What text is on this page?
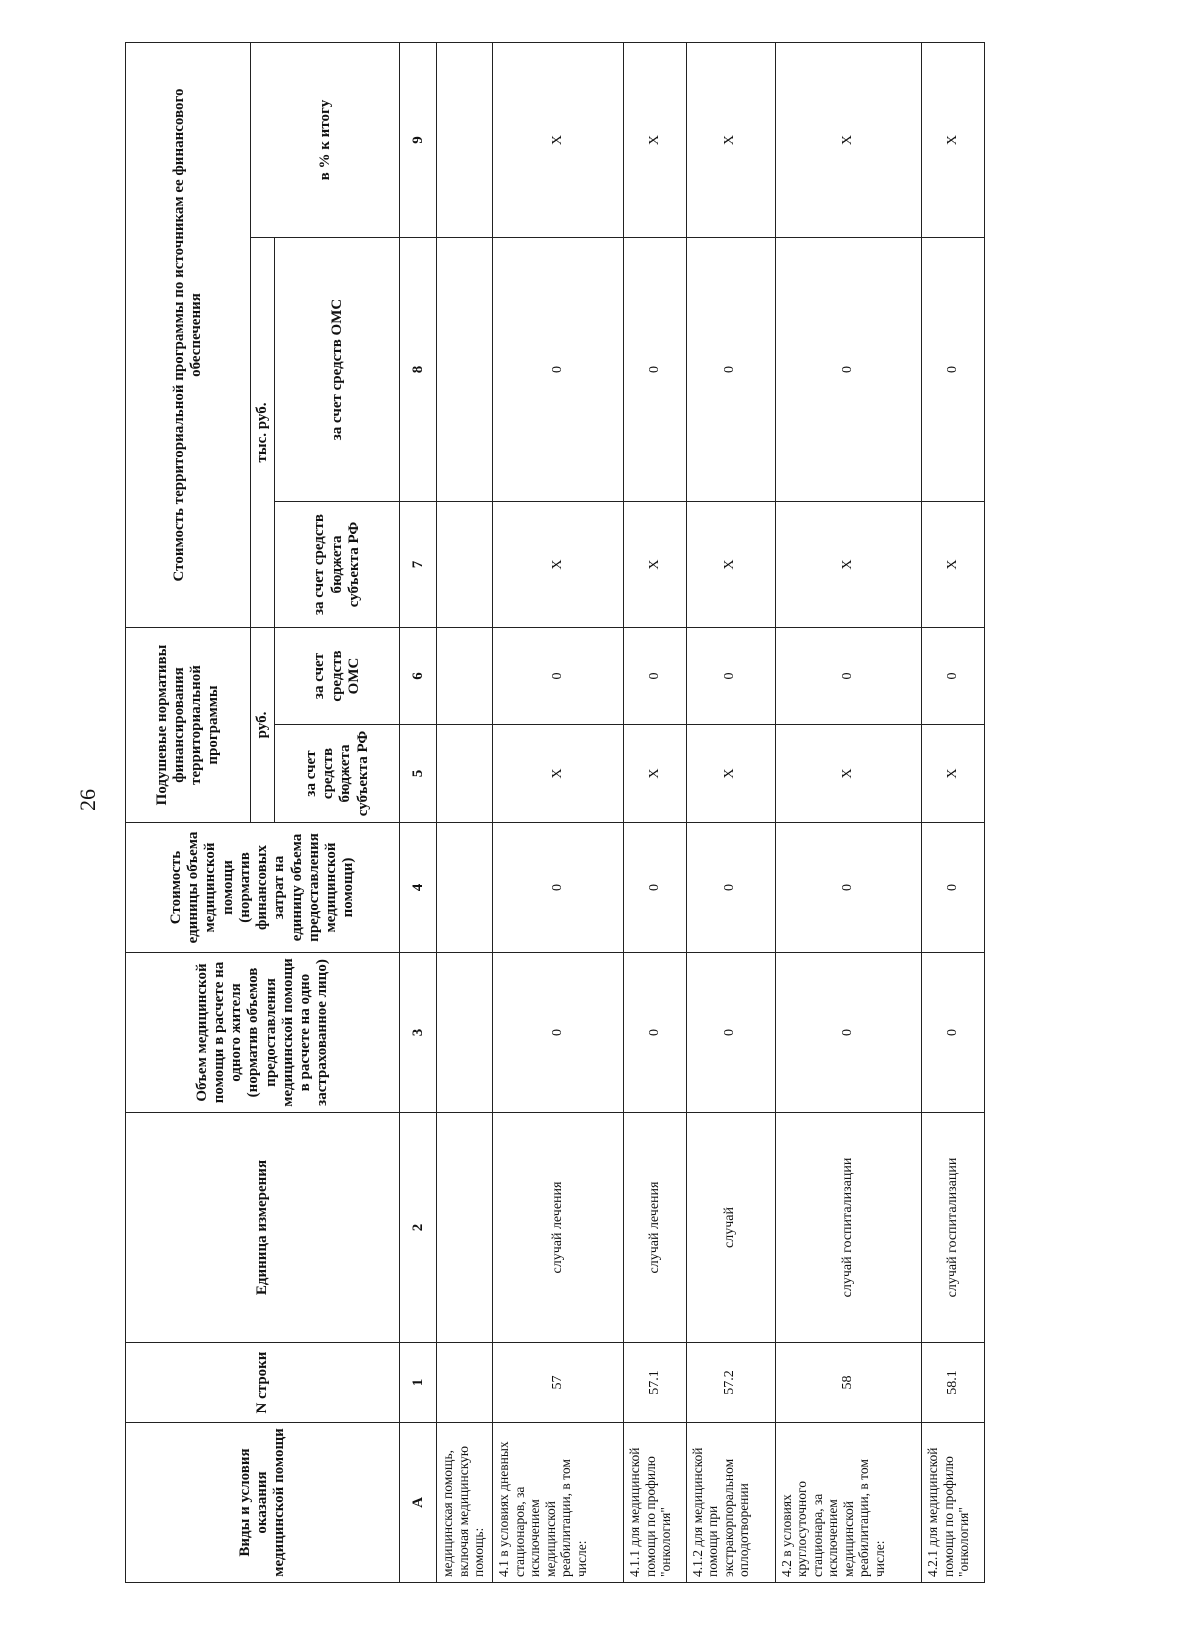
26
Виды и условия оказания медицинской помощи	N строки	Единица измерения	Объем медицинской помощи в расчете на одного жителя (норматив объемов предоставления медицинской помощи в расчете на одно застрахованное лицо)	Стоимость единицы объема медицинской помощи (норматив финансовых затрат на единицу объема предоставления медицинской помощи)	Подушевые нормативы финансирования территориальной программы		Стоимость территориальной программы по источникам ее финансового обеспечения		
					руб.		тыс. руб.		в % к итогу
					за счет средств бюджета субъекта РФ	за счет средств ОМС	за счет средств бюджета субъекта РФ	за счет средств ОМС	
A	1	2	3	4	5	6	7	8	9
медицинская помощь, включая медицинскую помощь:									
4.1 в условиях дневных стационаров, за исключением медицинской реабилитации, в том числе:	57	случай лечения	0	0	X	0	X	0	X
4.1.1 для медицинской помощи по профилю "онкология"	57.1	случай лечения	0	0	X	0	X	0	X
4.1.2 для медицинской помощи при экстракорпоральном оплодотворении	57.2	случай	0	0	X	0	X	0	X
4.2 в условиях круглосуточного стационара, за исключением медицинской реабилитации, в том числе:	58	случай госпитализации	0	0	X	0	X	0	X
4.2.1 для медицинской помощи по профилю "онкология"	58.1	случай госпитализации	0	0	X	0	X	0	X
